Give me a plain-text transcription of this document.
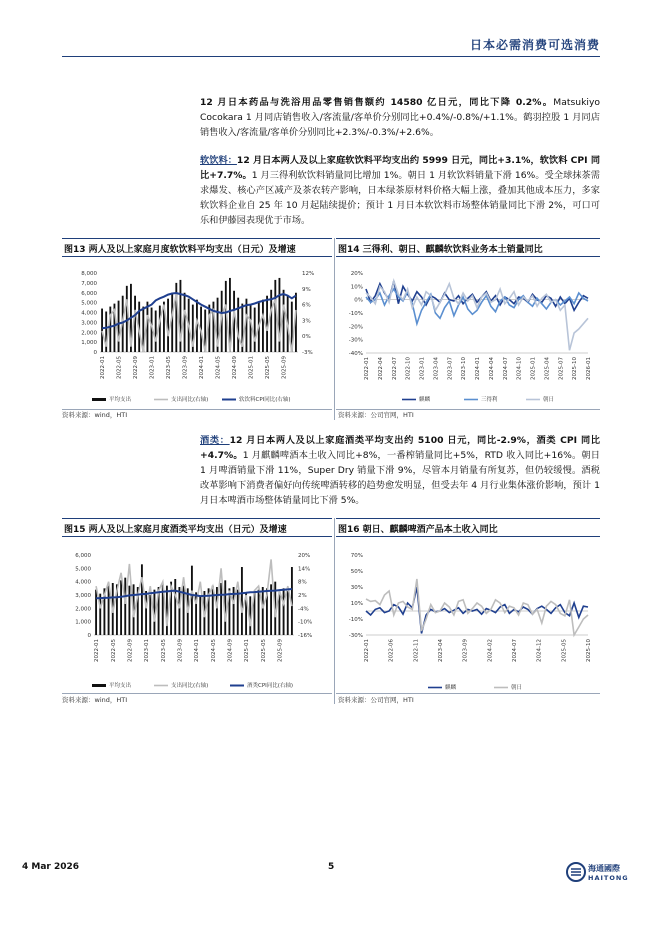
日本必需消费可选消费
12 月日本药品与洗浴用品零售销售额约 14580 亿日元，同比下降 0.2%。Matsukiyo Cocokara 1 月同店销售收入/客流量/客单价分别同比+0.4%/-0.8%/+1.1%。鹤羽控股 1 月同店销售收入/客流量/客单价分别同比+2.3%/-0.3%/+2.6%。
软饮料：12 月日本两人及以上家庭软饮料平均支出约 5999 日元，同比+3.1%，软饮料 CPI 同比+7.7%。1 月三得利软饮料销量同比增加 1%。朝日 1 月软饮料销量下滑 16%。受全球抹茶需求爆发、核心产区减产及茶农转产影响，日本绿茶原材料价格大幅上涨，叠加其他成本压力，多家软饮料企业自 25 年 10 月起陆续提价；预计 1 月日本软饮料市场整体销量同比下滑 2%，可口可乐和伊藤园表现优于市场。
图13 两人及以上家庭月度软饮料平均支出（日元）及增速
8,000
7,000
6,000
5,000
4,000
3,000
2,000
1,000
0
12%
9%
6%
3%
0%
-3%
2022-01 2022-05 2022-09 2023-01 2023-05 2023-09 2024-01 2024-05 2024-09 2025-01 2025-05 2025-09
平均支出	支出同比(右轴)	软饮料CPI同比(右轴)
图14 三得利、朝日、麒麟软饮料业务本土销量同比
20%
10%
0%
-10%
-20%
-30%
-40%
2022-01 2022-04 2022-07 2022-10 2023-01 2023-04 2023-07 2023-10 2024-01 2024-04 2024-07 2024-10 2025-01 2025-04 2025-07 2025-10 2026-01
麒麟	三得利	朝日
资料来源：wind，HTI	资料来源：公司官网，HTI
酒类：12 月日本两人及以上家庭酒类平均支出约 5100 日元，同比-2.9%，酒类 CPI 同比+4.7%。1 月麒麟啤酒本土收入同比+8%，一番榨销量同比+5%，RTD 收入同比+16%。朝日 1 月啤酒销量下滑 11%，Super Dry 销量下滑 9%，尽管本月销量有所复苏，但仍较缓慢。酒税改革影响下消费者偏好向传统啤酒转移的趋势愈发明显，但受去年 4 月行业集体涨价影响，预计 1 月日本啤酒市场整体销量同比下滑 5%。
图15 两人及以上家庭月度酒类平均支出（日元）及增速
6,000
5,000
4,000
3,000
2,000
1,000
0
20%
14%
8%
2%
-4%
-10%
-16%
2022-01 2022-05 2022-09 2023-01 2023-05 2023-09 2024-01 2024-05 2024-09 2025-01 2025-05 2025-09
平均支出	支出同比(右轴)	酒类CPI同比(右轴)
图16 朝日、麒麟啤酒产品本土收入同比
70%
50%
30%
10%
-10%
-30%
2022-01	2022-06	2022-11	2023-04	2023-09	2024-02	2024-07	2024-12	2025-05	2025-10
麒麟	朝日
资料来源：wind，HTI	资料来源：公司官网，HTI
4 Mar 2026	5	海通國際
HAITONG
